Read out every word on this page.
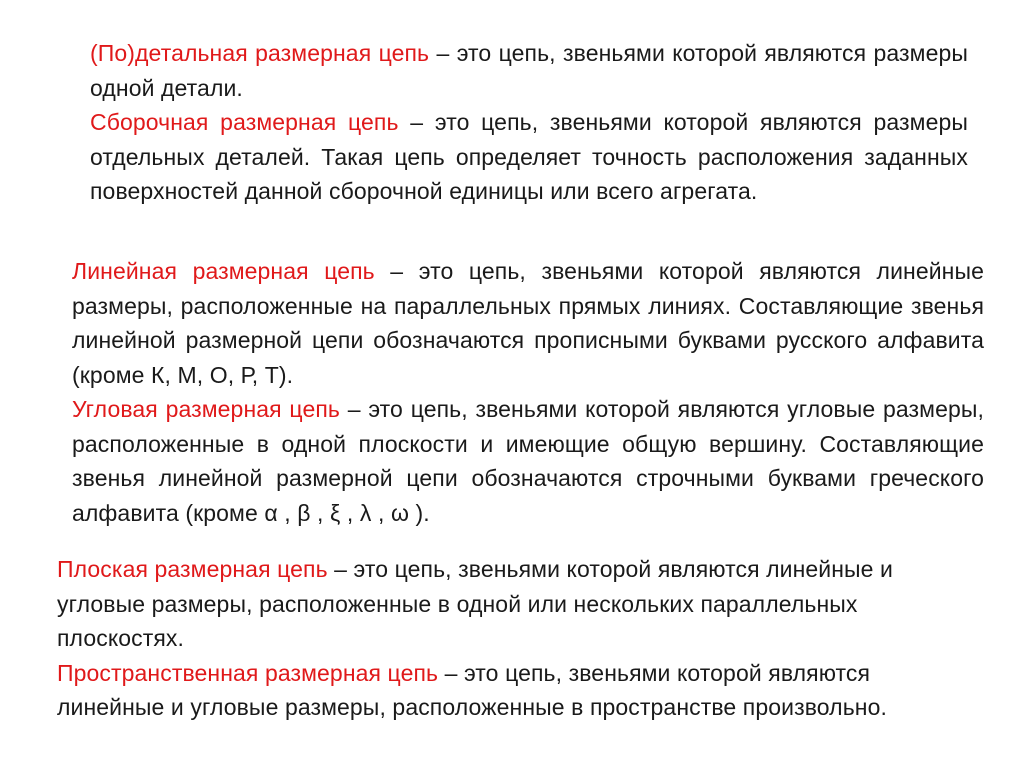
(По)детальная размерная цепь – это цепь, звеньями которой являются размеры одной детали.

Сборочная размерная цепь – это цепь, звеньями которой являются размеры отдельных деталей. Такая цепь определяет точность расположения заданных поверхностей данной сборочной единицы или всего агрегата.

Линейная размерная цепь – это цепь, звеньями которой являются линейные размеры, расположенные на параллельных прямых линиях. Составляющие звенья линейной размерной цепи обозначаются прописными буквами русского алфавита (кроме К, М, О, Р, Т).

Угловая размерная цепь – это цепь, звеньями которой являются угловые размеры, расположенные в одной плоскости и имеющие общую вершину. Составляющие звенья линейной размерной цепи обозначаются строчными буквами греческого алфавита (кроме α , β , ξ , λ , ω ).

Плоская размерная цепь – это цепь, звеньями которой являются линейные и угловые размеры, расположенные в одной или нескольких параллельных плоскостях.

Пространственная размерная цепь – это цепь, звеньями которой являются линейные и угловые размеры, расположенные в пространстве произвольно.
